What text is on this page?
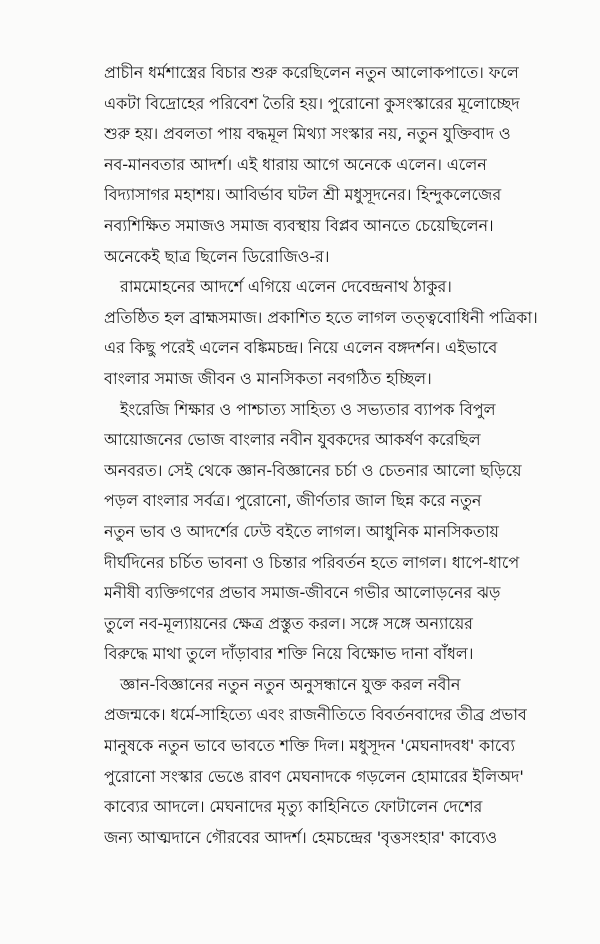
প্রাচীন ধর্মশাস্ত্রের বিচার শুরু করেছিলেন নতুন আলোকপাতে। ফলে
একটা বিদ্রোহের পরিবেশ তৈরি হয়। পুরোনো কুসংস্কারের মূলোচ্ছেদ
শুরু হয়। প্রবলতা পায় বদ্ধমূল মিথ্যা সংস্কার নয়, নতুন যুক্তিবাদ ও
নব-মানবতার আদর্শ। এই ধারায় আগে অনেকে এলেন। এলেন
বিদ্যাসাগর মহাশয়। আবির্ভাব ঘটল শ্রী মধুসূদনের। হিন্দুকলেজের
নব্যশিক্ষিত সমাজও সমাজ ব্যবস্থায় বিপ্লব আনতে চেয়েছিলেন।
অনেকেই ছাত্র ছিলেন ডিরোজিও-র।
রামমোহনের আদর্শে এগিয়ে এলেন দেবেন্দ্রনাথ ঠাকুর।
প্রতিষ্ঠিত হল ব্রাহ্মসমাজ। প্রকাশিত হতে লাগল তত্ত্ববোধিনী পত্রিকা।
এর কিছু পরেই এলেন বঙ্কিমচন্দ্র। নিয়ে এলেন বঙ্গদর্শন। এইভাবে
বাংলার সমাজ জীবন ও মানসিকতা নবগঠিত হচ্ছিল।
ইংরেজি শিক্ষার ও পাশ্চাত্য সাহিত্য ও সভ্যতার ব্যাপক বিপুল
আয়োজনের ভোজ বাংলার নবীন যুবকদের আকর্ষণ করেছিল
অনবরত। সেই থেকে জ্ঞান-বিজ্ঞানের চর্চা ও চেতনার আলো ছড়িয়ে
পড়ল বাংলার সর্বত্র। পুরোনো, জীর্ণতার জাল ছিন্ন করে নতুন
নতুন ভাব ও আদর্শের ঢেউ বইতে লাগল। আধুনিক মানসিকতায়
দীর্ঘদিনের চর্চিত ভাবনা ও চিন্তার পরিবর্তন হতে লাগল। ধাপে-ধাপে
মনীষী ব্যক্তিগণের প্রভাব সমাজ-জীবনে গভীর আলোড়নের ঝড়
তুলে নব-মূল্যায়নের ক্ষেত্র প্রস্তুত করল। সঙ্গে সঙ্গে অন্যায়ের
বিরুদ্ধে মাথা তুলে দাঁড়াবার শক্তি নিয়ে বিক্ষোভ দানা বাঁধল।
জ্ঞান-বিজ্ঞানের নতুন নতুন অনুসন্ধানে যুক্ত করল নবীন
প্রজন্মকে। ধর্মে-সাহিত্যে এবং রাজনীতিতে বিবর্তনবাদের তীব্র প্রভাব
মানুষকে নতুন ভাবে ভাবতে শক্তি দিল। মধুসূদন 'মেঘনাদবধ' কাব্যে
পুরোনো সংস্কার ভেঙে রাবণ মেঘনাদকে গড়লেন হোমারের ইলিঅদ'
কাব্যের আদলে। মেঘনাদের মৃত্যু কাহিনিতে ফোটালেন দেশের
জন্য আত্মদানে গৌরবের আদর্শ। হেমচন্দ্রের 'বৃত্তসংহার' কাব্যেও
